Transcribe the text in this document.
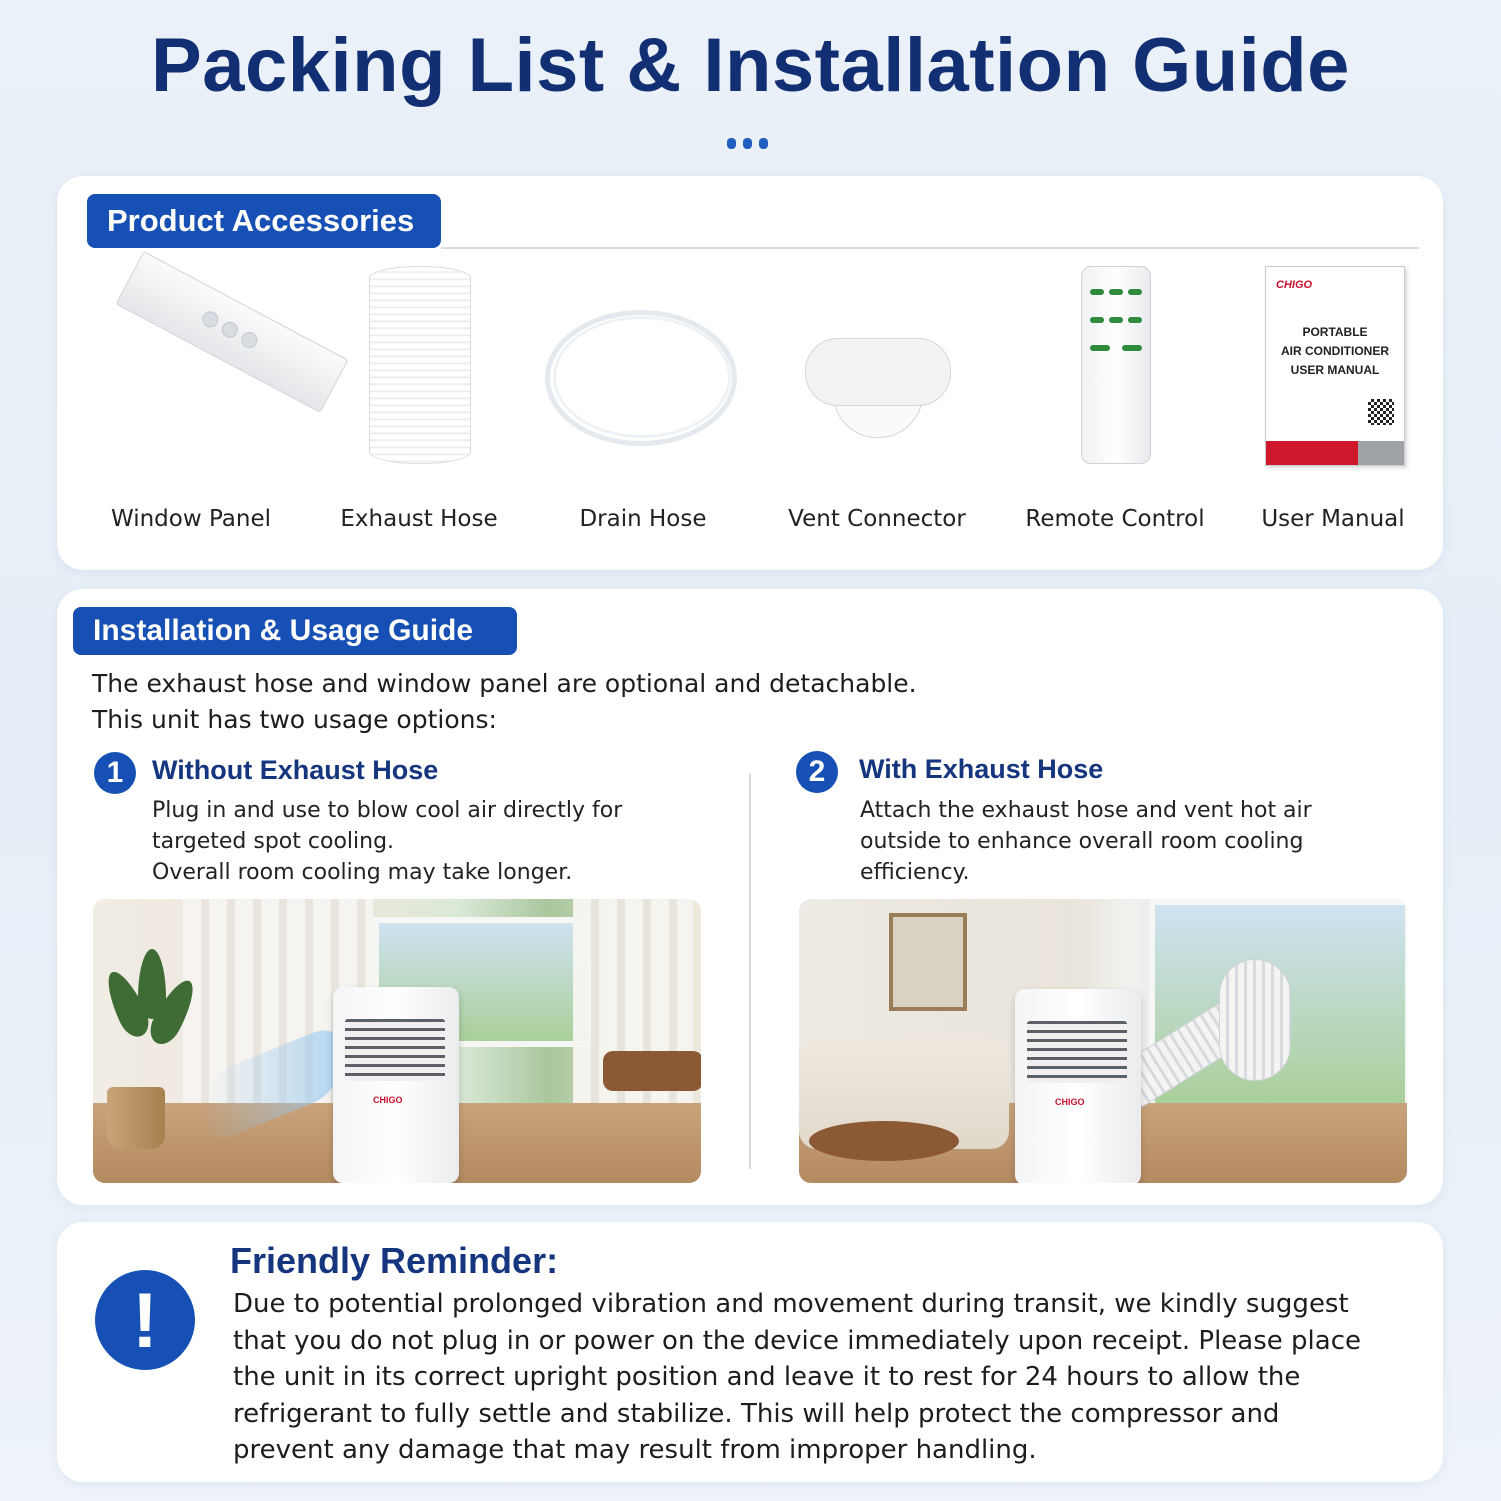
Packing List & Installation Guide
Product Accessories
Window Panel	Exhaust Hose	Drain Hose	Vent Connector	Remote Control
CHIGO
PORTABLE
AIR CONDITIONER
USER MANUAL
User Manual
Installation & Usage Guide
The exhaust hose and window panel are optional and detachable.
This unit has two usage options:
1	Without Exhaust Hose
Plug in and use to blow cool air directly for
targeted spot cooling.
Overall room cooling may take longer.
2	With Exhaust Hose
Attach the exhaust hose and vent hot air
outside to enhance overall room cooling
efficiency.
CHIGO	CHIGO
!
Friendly Reminder:
Due to potential prolonged vibration and movement during transit, we kindly suggest that you do not plug in or power on the device immediately upon receipt. Please place the unit in its correct upright position and leave it to rest for 24 hours to allow the refrigerant to fully settle and stabilize. This will help protect the compressor and prevent any damage that may result from improper handling.
